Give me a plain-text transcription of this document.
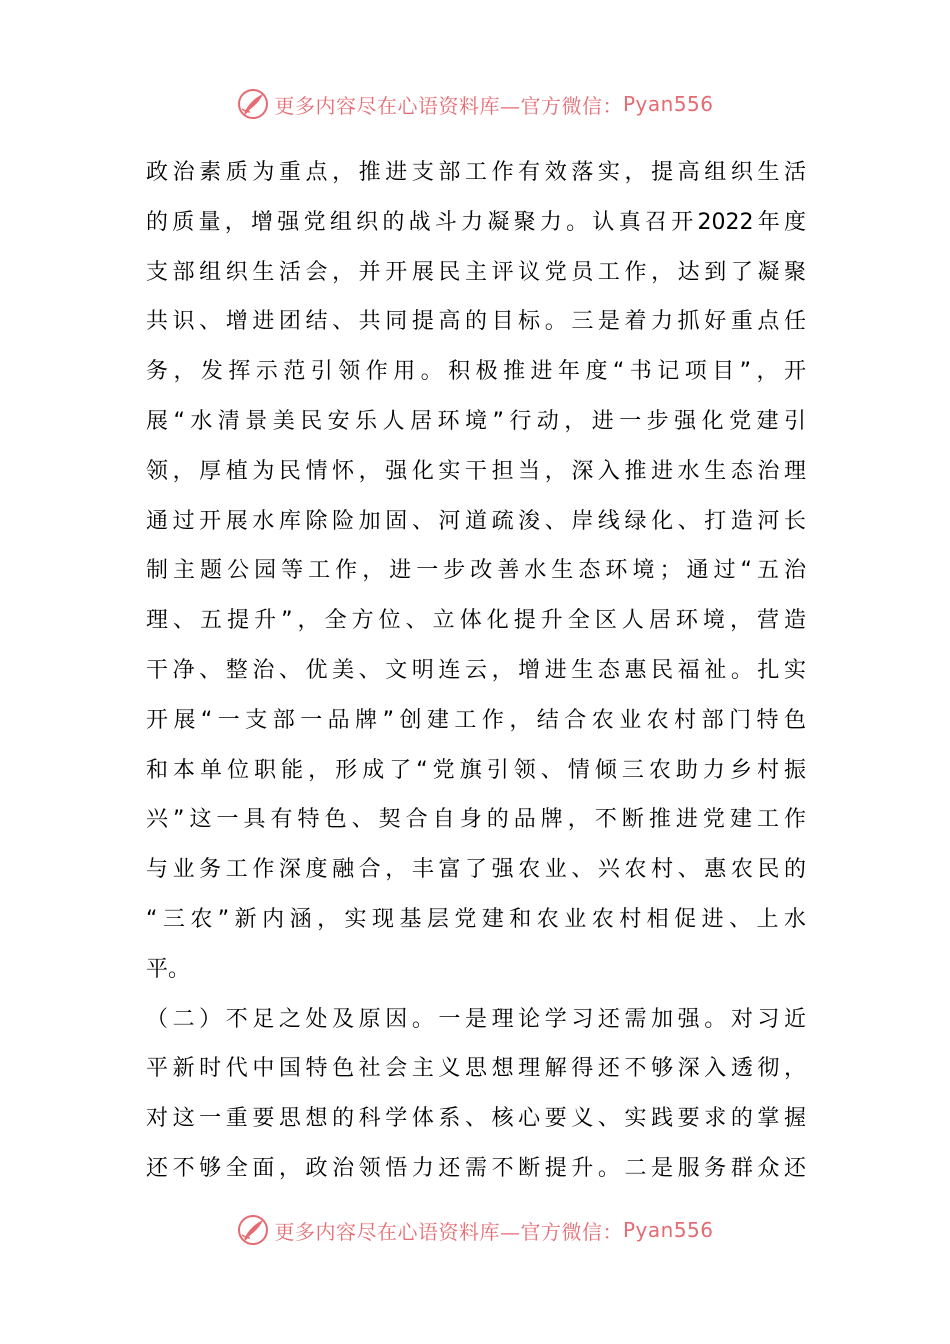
更多内容尽在心语资料库—官方微信： Pyan556
政治素质为重点，推进支部工作有效落实，提高组织生活
的质量，增强党组织的战斗力凝聚力。认真召开2022年度
支部组织生活会，并开展民主评议党员工作，达到了凝聚
共识、增进团结、共同提高的目标。三是着力抓好重点任
务，发挥示范引领作用。积极推进年度“书记项目”，开
展“水清景美民安乐人居环境”行动，进一步强化党建引
领，厚植为民情怀，强化实干担当，深入推进水生态治理
通过开展水库除险加固、河道疏浚、岸线绿化、打造河长
制主题公园等工作，进一步改善水生态环境；通过“五治
理、五提升”，全方位、立体化提升全区人居环境，营造
干净、整治、优美、文明连云，增进生态惠民福祉。扎实
开展“一支部一品牌”创建工作，结合农业农村部门特色
和本单位职能，形成了“党旗引领、情倾三农助力乡村振
兴”这一具有特色、契合自身的品牌，不断推进党建工作
与业务工作深度融合，丰富了强农业、兴农村、惠农民的
“三农”新内涵，实现基层党建和农业农村相促进、上水
平。
（二）不足之处及原因。一是理论学习还需加强。对习近
平新时代中国特色社会主义思想理解得还不够深入透彻，
对这一重要思想的科学体系、核心要义、实践要求的掌握
还不够全面，政治领悟力还需不断提升。二是服务群众还
更多内容尽在心语资料库—官方微信： Pyan556
